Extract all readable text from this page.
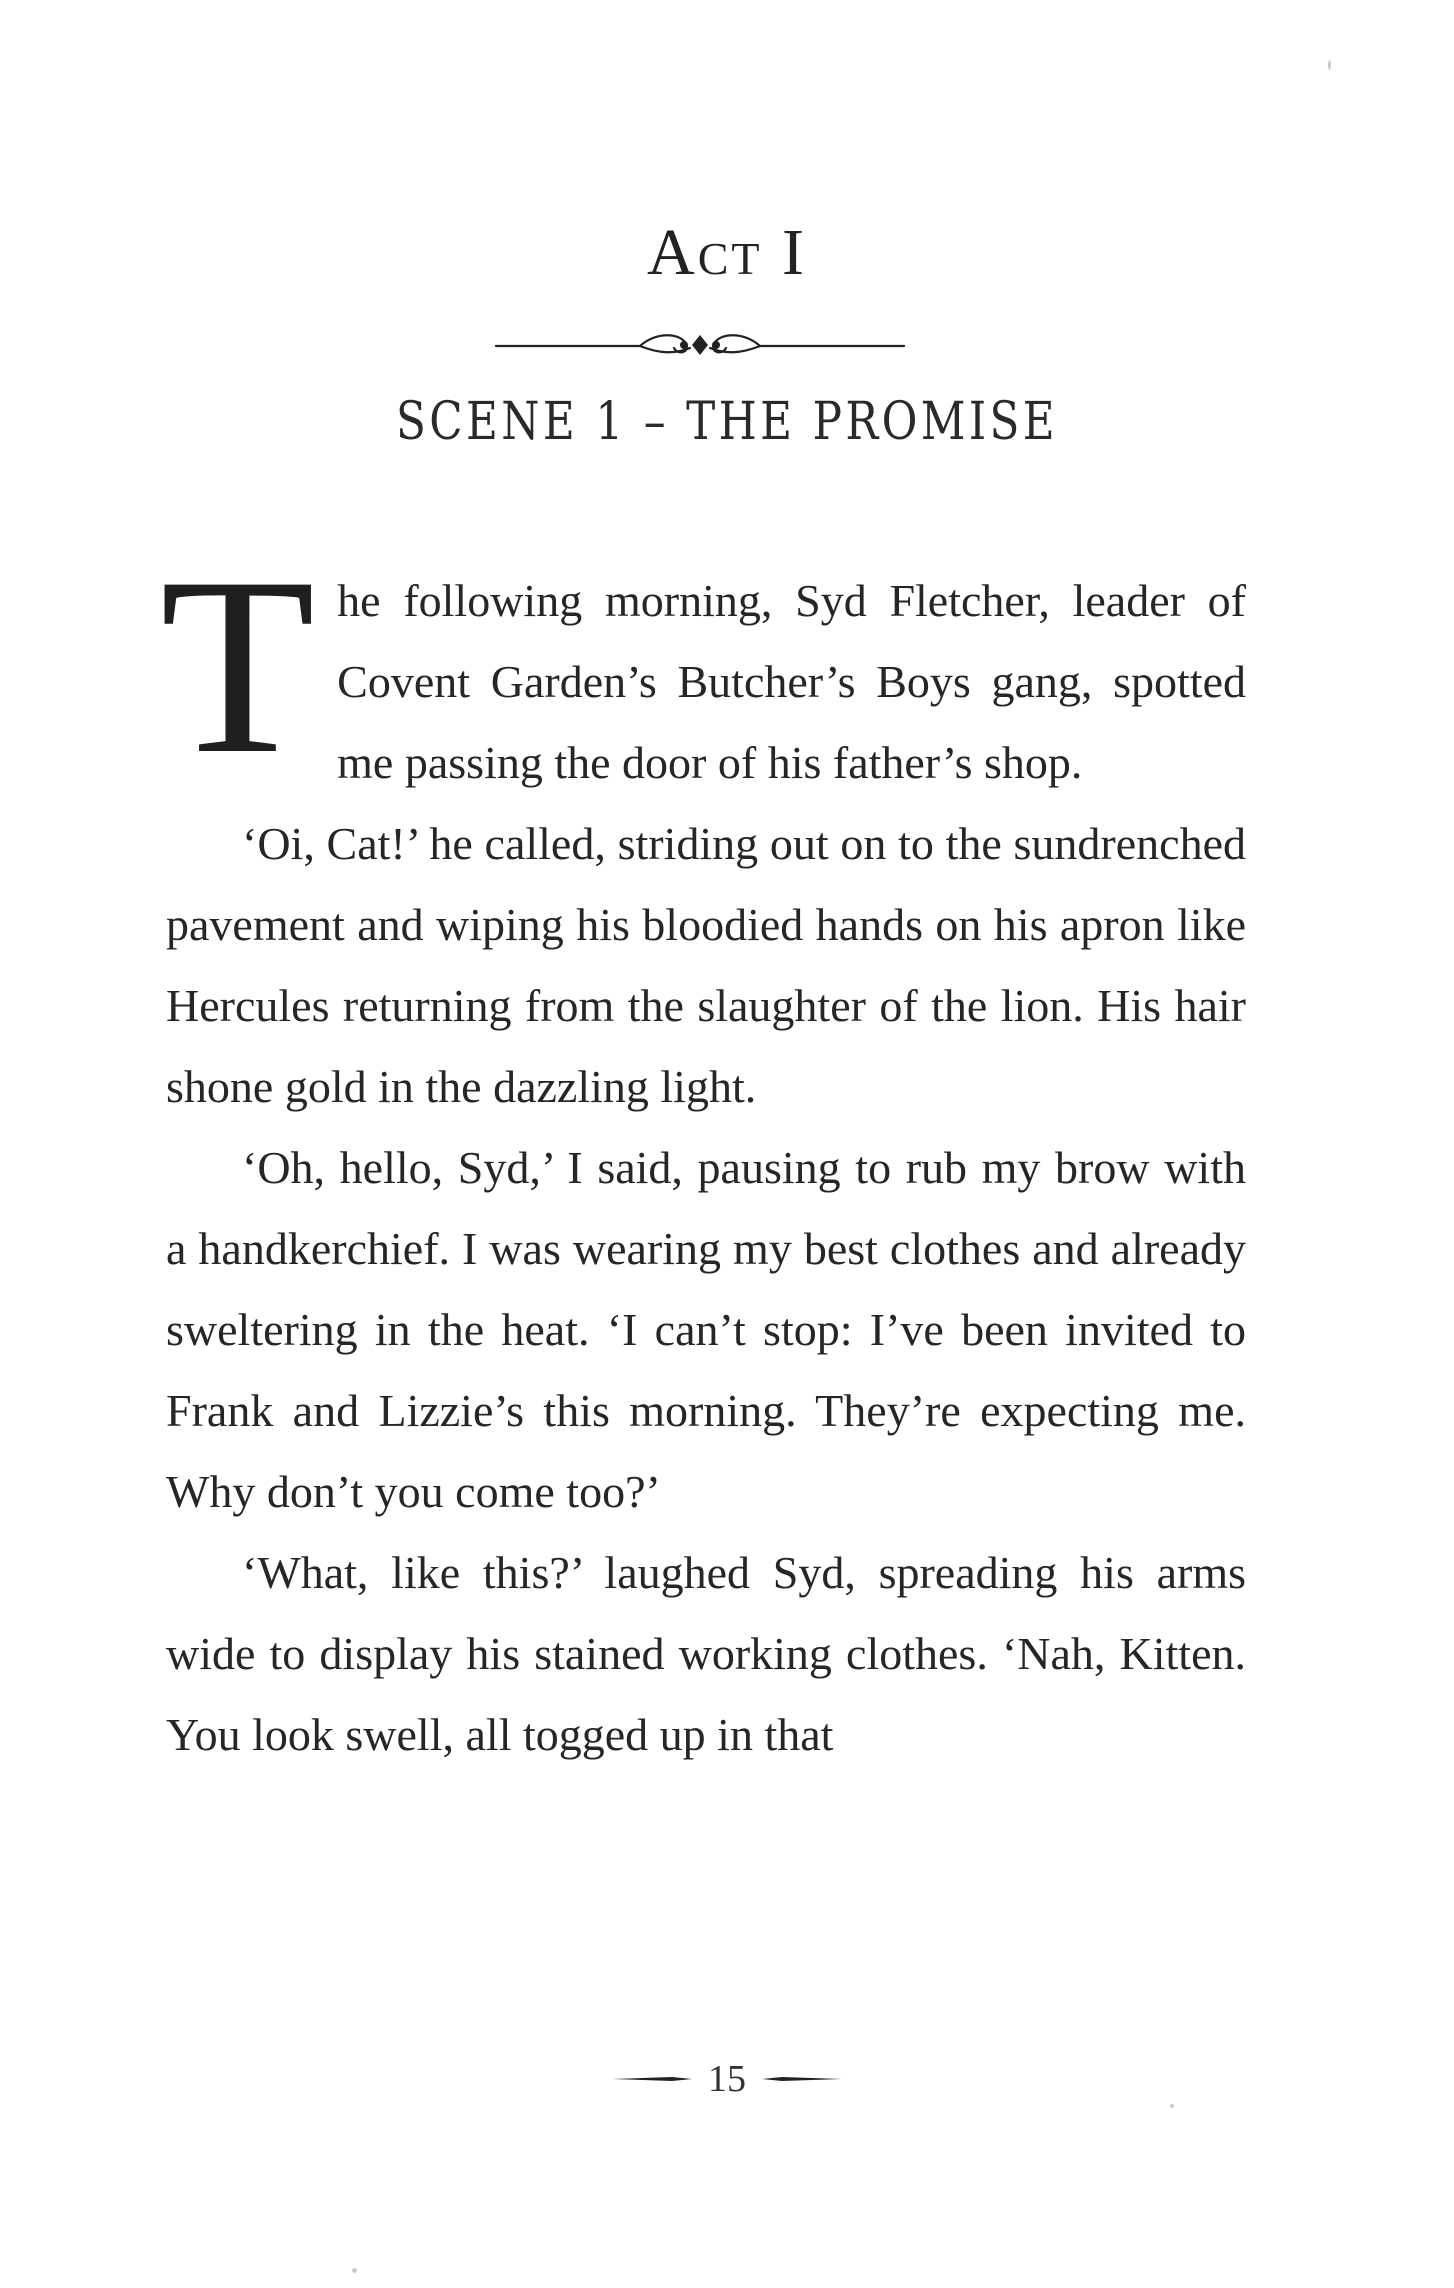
Act I
SCENE 1 – THE PROMISE

The following morning, Syd Fletcher, leader of Covent Garden’s Butcher’s Boys gang, spotted me passing the door of his father’s shop.

‘Oi, Cat!’ he called, striding out on to the sundrenched pavement and wiping his bloodied hands on his apron like Hercules returning from the slaughter of the lion. His hair shone gold in the dazzling light.

‘Oh, hello, Syd,’ I said, pausing to rub my brow with a handkerchief. I was wearing my best clothes and already sweltering in the heat. ‘I can’t stop: I’ve been invited to Frank and Lizzie’s this morning. They’re expecting me. Why don’t you come too?’

‘What, like this?’ laughed Syd, spreading his arms wide to display his stained working clothes. ‘Nah, Kitten. You look swell, all togged up in that

15
